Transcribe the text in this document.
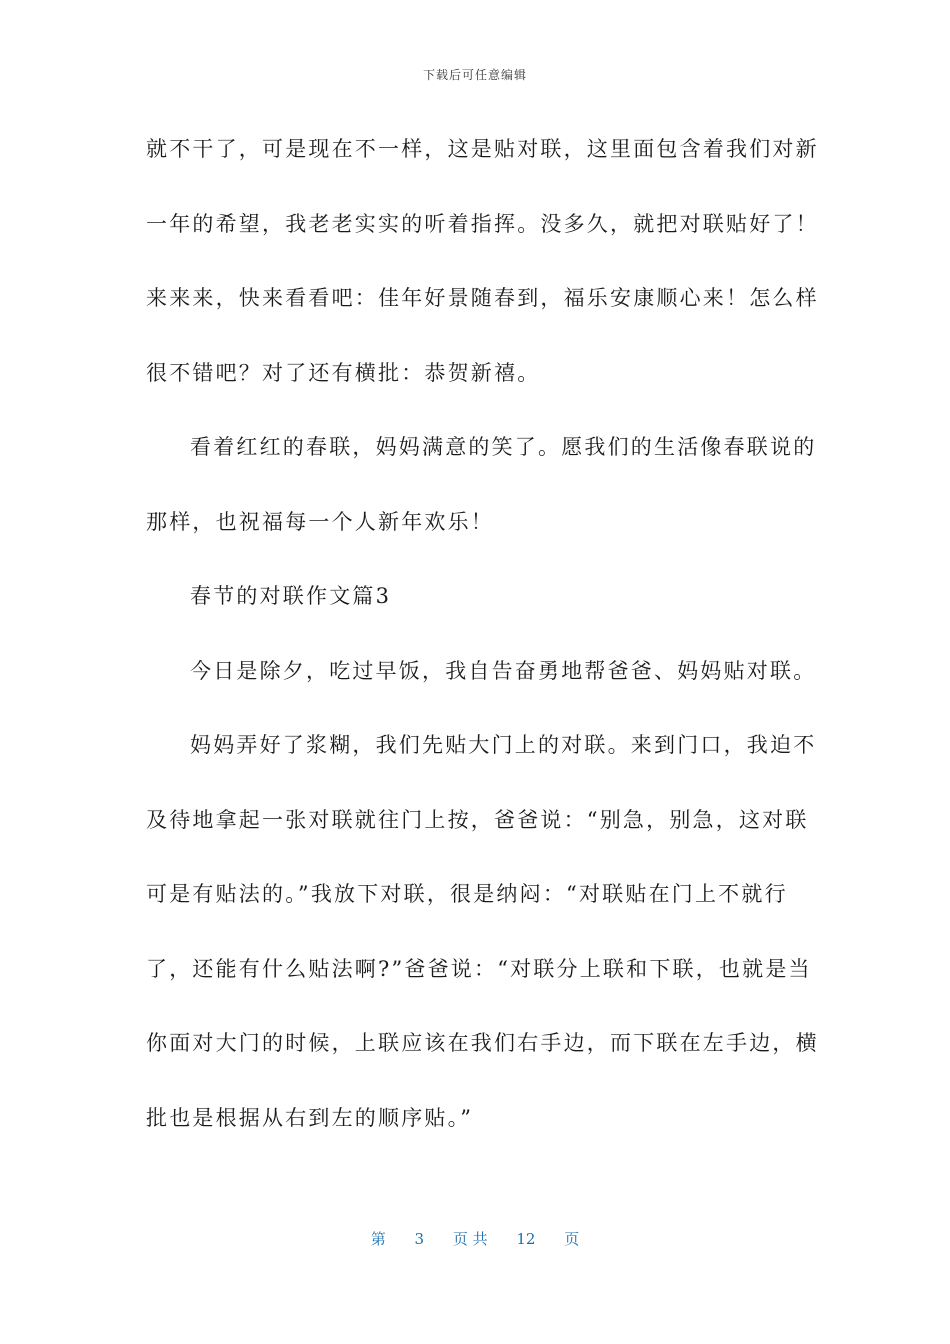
下载后可任意编辑
就不干了，可是现在不一样，这是贴对联，这里面包含着我们对新
一年的希望，我老老实实的听着指挥。没多久，就把对联贴好了！
来来来，快来看看吧：佳年好景随春到，福乐安康顺心来！怎么样
很不错吧？对了还有横批：恭贺新禧。
看着红红的春联，妈妈满意的笑了。愿我们的生活像春联说的
那样，也祝福每一个人新年欢乐！
春节的对联作文篇3
今日是除夕，吃过早饭，我自告奋勇地帮爸爸、妈妈贴对联。
妈妈弄好了浆糊，我们先贴大门上的对联。来到门口，我迫不
及待地拿起一张对联就往门上按，爸爸说：“别急，别急，这对联
可是有贴法的。”我放下对联，很是纳闷：“对联贴在门上不就行
了，还能有什么贴法啊?”爸爸说：“对联分上联和下联，也就是当
你面对大门的时候，上联应该在我们右手边，而下联在左手边，横
批也是根据从右到左的顺序贴。”
第 3 页 共 12 页
